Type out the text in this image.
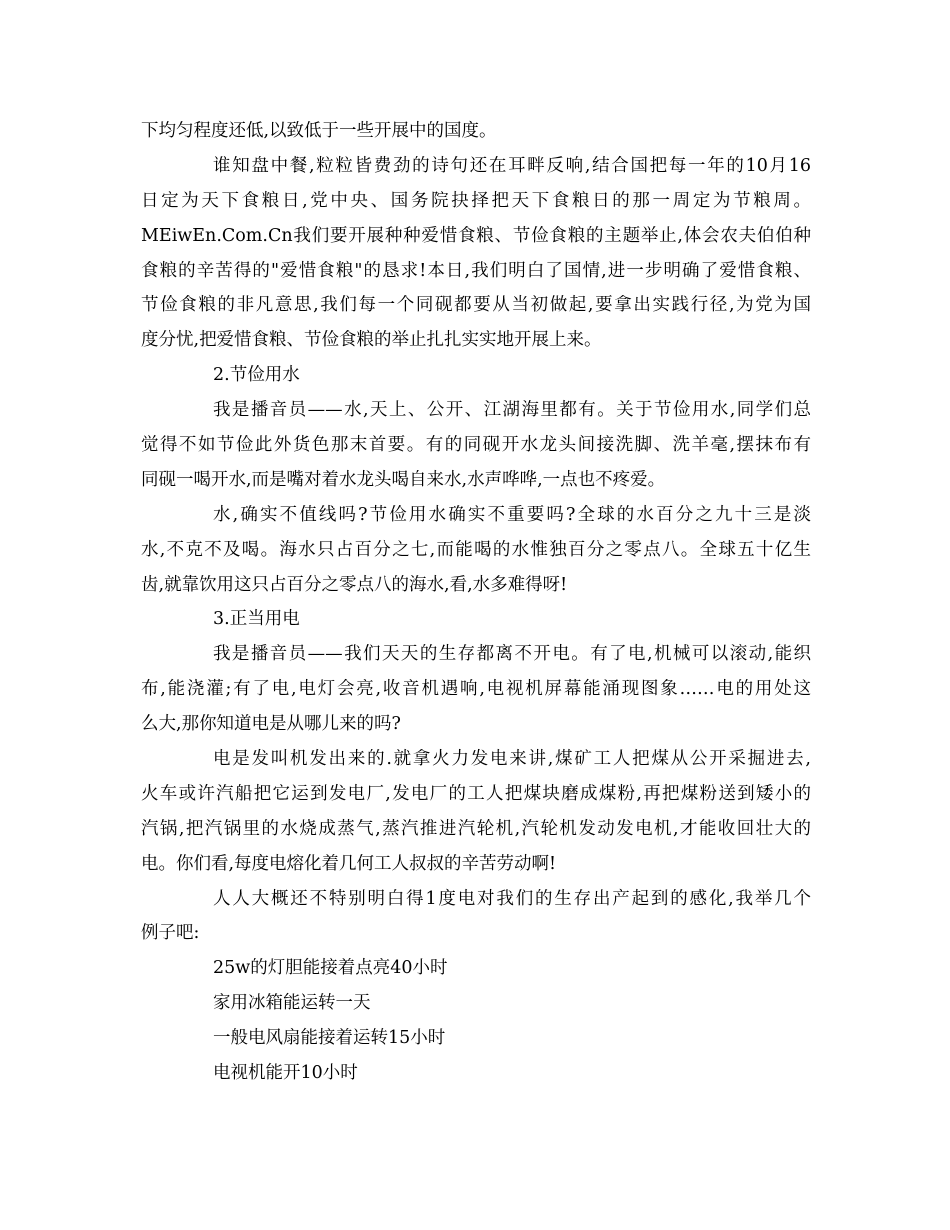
下均匀程度还低,以致低于一些开展中的国度。
谁知盘中餐,粒粒皆费劲的诗句还在耳畔反响,结合国把每一年的10月16
日定为天下食粮日,党中央、国务院抉择把天下食粮日的那一周定为节粮周。
MEiwEn.Com.Cn我们要开展种种爱惜食粮、节俭食粮的主题举止,体会农夫伯伯种
食粮的辛苦得的"爱惜食粮"的恳求!本日,我们明白了国情,进一步明确了爱惜食粮、
节俭食粮的非凡意思,我们每一个同砚都要从当初做起,要拿出实践行径,为党为国
度分忧,把爱惜食粮、节俭食粮的举止扎扎实实地开展上来。
2.节俭用水
我是播音员——水,天上、公开、江湖海里都有。关于节俭用水,同学们总
觉得不如节俭此外货色那末首要。有的同砚开水龙头间接洗脚、洗羊毫,摆抹布有
同砚一喝开水,而是嘴对着水龙头喝自来水,水声哗哗,一点也不疼爱。
水,确实不值线吗?节俭用水确实不重要吗?全球的水百分之九十三是淡
水,不克不及喝。海水只占百分之七,而能喝的水惟独百分之零点八。全球五十亿生
齿,就靠饮用这只占百分之零点八的海水,看,水多难得呀!
3.正当用电
我是播音员——我们天天的生存都离不开电。有了电,机械可以滚动,能织
布,能浇灌;有了电,电灯会亮,收音机遇响,电视机屏幕能涌现图象……电的用处这
么大,那你知道电是从哪儿来的吗?
电是发叫机发出来的.就拿火力发电来讲,煤矿工人把煤从公开采掘进去,
火车或许汽船把它运到发电厂,发电厂的工人把煤块磨成煤粉,再把煤粉送到矮小的
汽锅,把汽锅里的水烧成蒸气,蒸汽推进汽轮机,汽轮机发动发电机,才能收回壮大的
电。你们看,每度电熔化着几何工人叔叔的辛苦劳动啊!
人人大概还不特别明白得1度电对我们的生存出产起到的感化,我举几个
例子吧:
25w的灯胆能接着点亮40小时
家用冰箱能运转一天
一般电风扇能接着运转15小时
电视机能开10小时
